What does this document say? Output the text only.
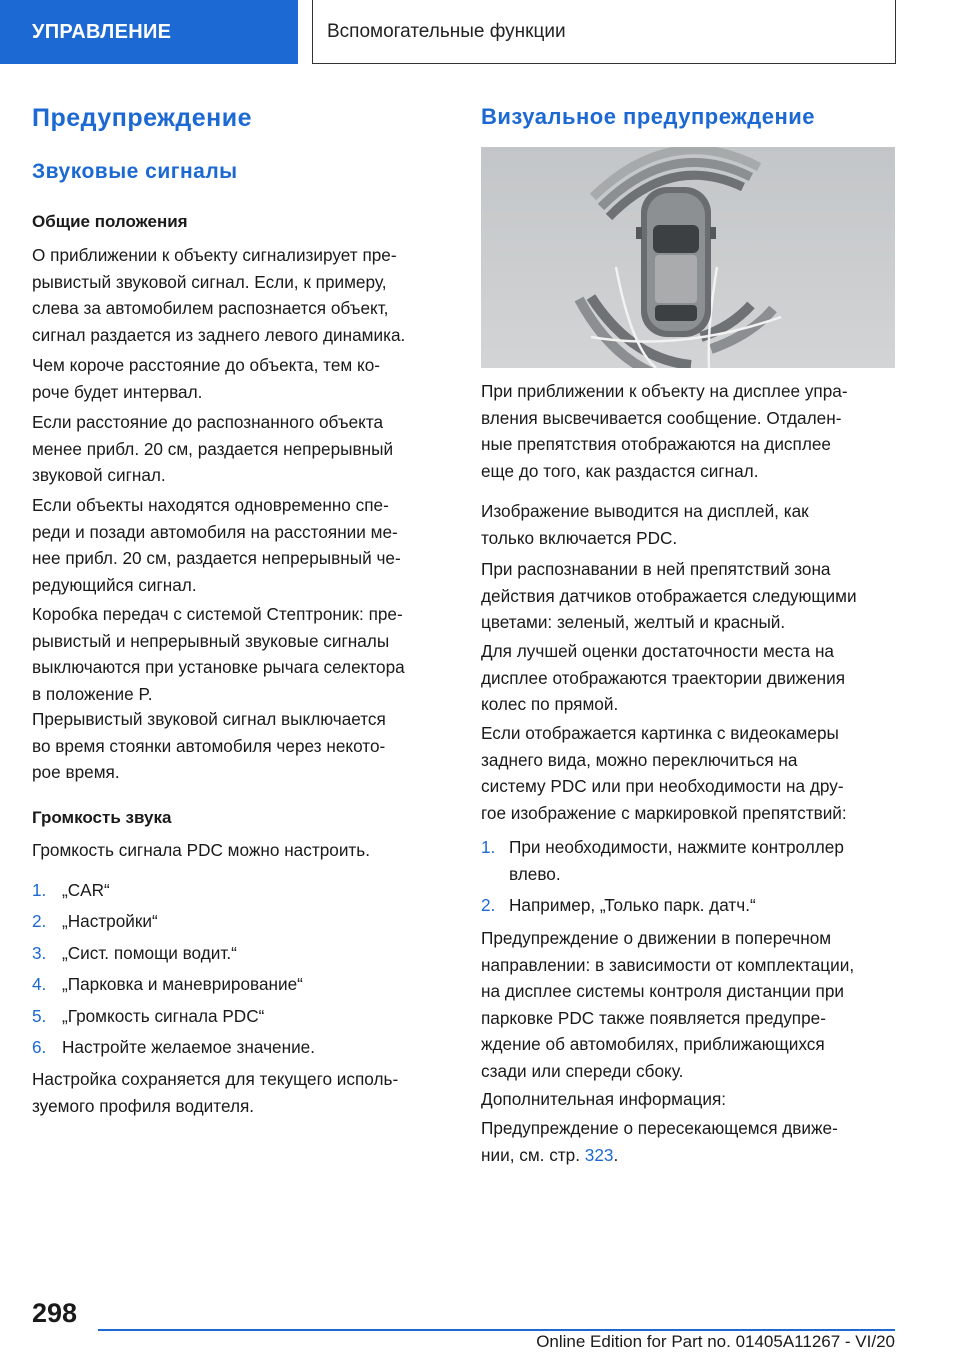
УПРАВЛЕНИЕ	Вспомогательные функции
Предупреждение
Звуковые сигналы
Общие положения

О приближении к объекту сигнализирует пре-
рывистый звуковой сигнал. Если, к примеру,
слева за автомобилем распознается объект,
сигнал раздается из заднего левого динамика.

Чем короче расстояние до объекта, тем ко-
роче будет интервал.

Если расстояние до распознанного объекта
менее прибл. 20 см, раздается непрерывный
звуковой сигнал.

Если объекты находятся одновременно спе-
реди и позади автомобиля на расстоянии ме-
нее прибл. 20 см, раздается непрерывный че-
редующийся сигнал.

Коробка передач с системой Стептроник: пре-
рывистый и непрерывный звуковые сигналы
выключаются при установке рычага селектора
в положение P.

Прерывистый звуковой сигнал выключается
во время стоянки автомобиля через некото-
рое время.

Громкость звука

Громкость сигнала PDC можно настроить.

1. „CAR“

2. „Настройки“

3. „Сист. помощи водит.“

4. „Парковка и маневрирование“

5. „Громкость сигнала PDC“

6. Настройте желаемое значение.

Настройка сохраняется для текущего исполь-
зуемого профиля водителя.

Визуальное предупреждение

При приближении к объекту на дисплее упра-
вления высвечивается сообщение. Отдален-
ные препятствия отображаются на дисплее
еще до того, как раздастся сигнал.

Изображение выводится на дисплей, как
только включается PDC.

При распознавании в ней препятствий зона
действия датчиков отображается следующими
цветами: зеленый, желтый и красный.

Для лучшей оценки достаточности места на
дисплее отображаются траектории движения
колес по прямой.

Если отображается картинка с видеокамеры
заднего вида, можно переключиться на
систему PDC или при необходимости на дру-
гое изображение с маркировкой препятствий:

1. При необходимости, нажмите контроллер
влево.

2. Например, „Только парк. датч.“

Предупреждение о движении в поперечном
направлении: в зависимости от комплектации,
на дисплее системы контроля дистанции при
парковке PDC также появляется предупре-
ждение об автомобилях, приближающихся
сзади или спереди сбоку.

Дополнительная информация:

Предупреждение о пересекающемся движе-
нии, см. стр. 323.

298
Online Edition for Part no. 01405A11267 - VI/20
